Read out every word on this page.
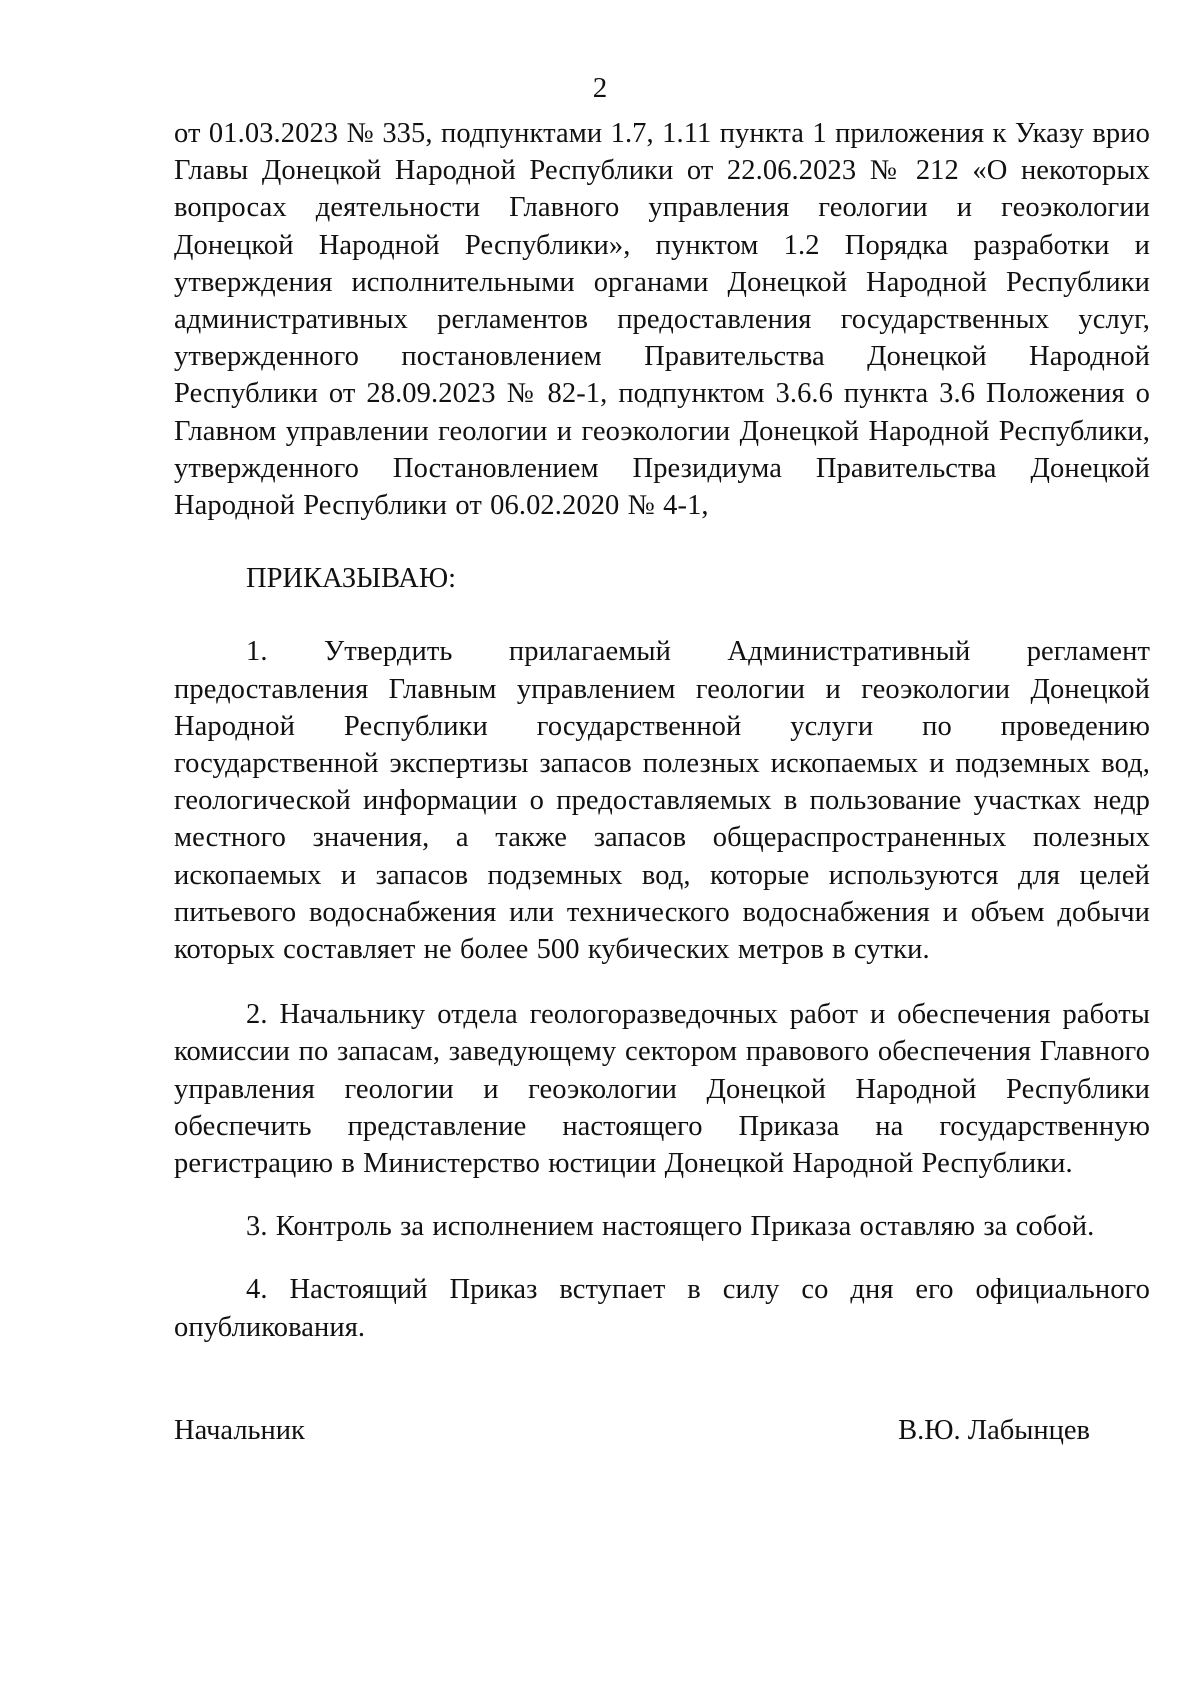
2

от 01.03.2023 № 335, подпунктами 1.7, 1.11 пункта 1 приложения к Указу врио Главы Донецкой Народной Республики от 22.06.2023 № 212 «О некоторых вопросах деятельности Главного управления геологии и геоэкологии Донецкой Народной Республики», пунктом 1.2 Порядка разработки и утверждения исполнительными органами Донецкой Народной Республики административных регламентов предоставления государственных услуг, утвержденного постановлением Правительства Донецкой Народной Республики от 28.09.2023 № 82-1, подпунктом 3.6.6 пункта 3.6 Положения о Главном управлении геологии и геоэкологии Донецкой Народной Республики, утвержденного Постановлением Президиума Правительства Донецкой Народной Республики от 06.02.2020 № 4-1,

ПРИКАЗЫВАЮ:

1. Утвердить прилагаемый Административный регламент предоставления Главным управлением геологии и геоэкологии Донецкой Народной Республики государственной услуги по проведению государственной экспертизы запасов полезных ископаемых и подземных вод, геологической информации о предоставляемых в пользование участках недр местного значения, а также запасов общераспространенных полезных ископаемых и запасов подземных вод, которые используются для целей питьевого водоснабжения или технического водоснабжения и объем добычи которых составляет не более 500 кубических метров в сутки.

2. Начальнику отдела геологоразведочных работ и обеспечения работы комиссии по запасам, заведующему сектором правового обеспечения Главного управления геологии и геоэкологии Донецкой Народной Республики обеспечить представление настоящего Приказа на государственную регистрацию в Министерство юстиции Донецкой Народной Республики.

3. Контроль за исполнением настоящего Приказа оставляю за собой.

4. Настоящий Приказ вступает в силу со дня его официального опубликования.

Начальник	В.Ю. Лабынцев
